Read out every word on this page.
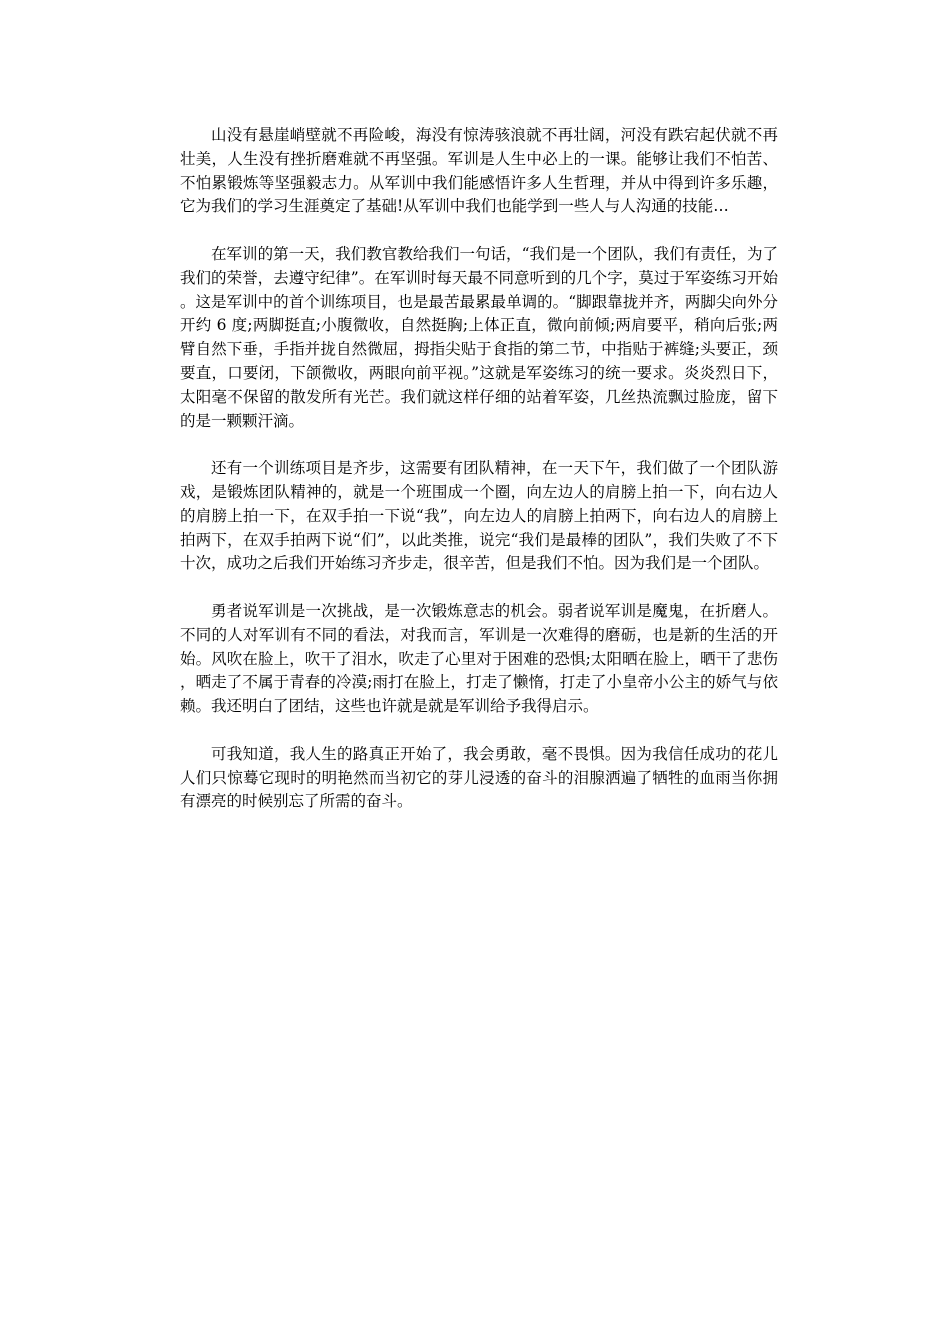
山没有悬崖峭壁就不再险峻，海没有惊涛骇浪就不再壮阔，河没有跌宕起伏就不再壮美，人生没有挫折磨难就不再坚强。军训是人生中必上的一课。能够让我们不怕苦、不怕累锻炼等坚强毅志力。从军训中我们能感悟许多人生哲理，并从中得到许多乐趣，它为我们的学习生涯奠定了基础!从军训中我们也能学到一些人与人沟通的技能…

在军训的第一天，我们教官教给我们一句话，“我们是一个团队，我们有责任，为了我们的荣誉，去遵守纪律”。在军训时每天最不同意听到的几个字，莫过于军姿练习开始。这是军训中的首个训练项目，也是最苦最累最单调的。“脚跟靠拢并齐，两脚尖向外分开约 6 度;两脚挺直;小腹微收，自然挺胸;上体正直，微向前倾;两肩要平，稍向后张;两臂自然下垂，手指并拢自然微屈，拇指尖贴于食指的第二节，中指贴于裤缝;头要正，颈要直，口要闭，下颌微收，两眼向前平视。”这就是军姿练习的统一要求。炎炎烈日下，太阳毫不保留的散发所有光芒。我们就这样仔细的站着军姿，几丝热流飘过脸庞，留下的是一颗颗汗滴。

还有一个训练项目是齐步，这需要有团队精神，在一天下午，我们做了一个团队游戏，是锻炼团队精神的，就是一个班围成一个圈，向左边人的肩膀上拍一下，向右边人的肩膀上拍一下，在双手拍一下说“我”，向左边人的肩膀上拍两下，向右边人的肩膀上拍两下，在双手拍两下说“们”，以此类推，说完“我们是最棒的团队”，我们失败了不下十次，成功之后我们开始练习齐步走，很辛苦，但是我们不怕。因为我们是一个团队。

勇者说军训是一次挑战，是一次锻炼意志的机会。弱者说军训是魔鬼，在折磨人。不同的人对军训有不同的看法，对我而言，军训是一次难得的磨砺，也是新的生活的开始。风吹在脸上，吹干了泪水，吹走了心里对于困难的恐惧;太阳晒在脸上，晒干了悲伤，晒走了不属于青春的冷漠;雨打在脸上，打走了懒惰，打走了小皇帝小公主的娇气与依赖。我还明白了团结，这些也许就是就是军训给予我得启示。

可我知道，我人生的路真正开始了，我会勇敢，毫不畏惧。因为我信任成功的花儿人们只惊蓦它现时的明艳然而当初它的芽儿浸透的奋斗的泪腺洒遍了牺牲的血雨当你拥有漂亮的时候别忘了所需的奋斗。
